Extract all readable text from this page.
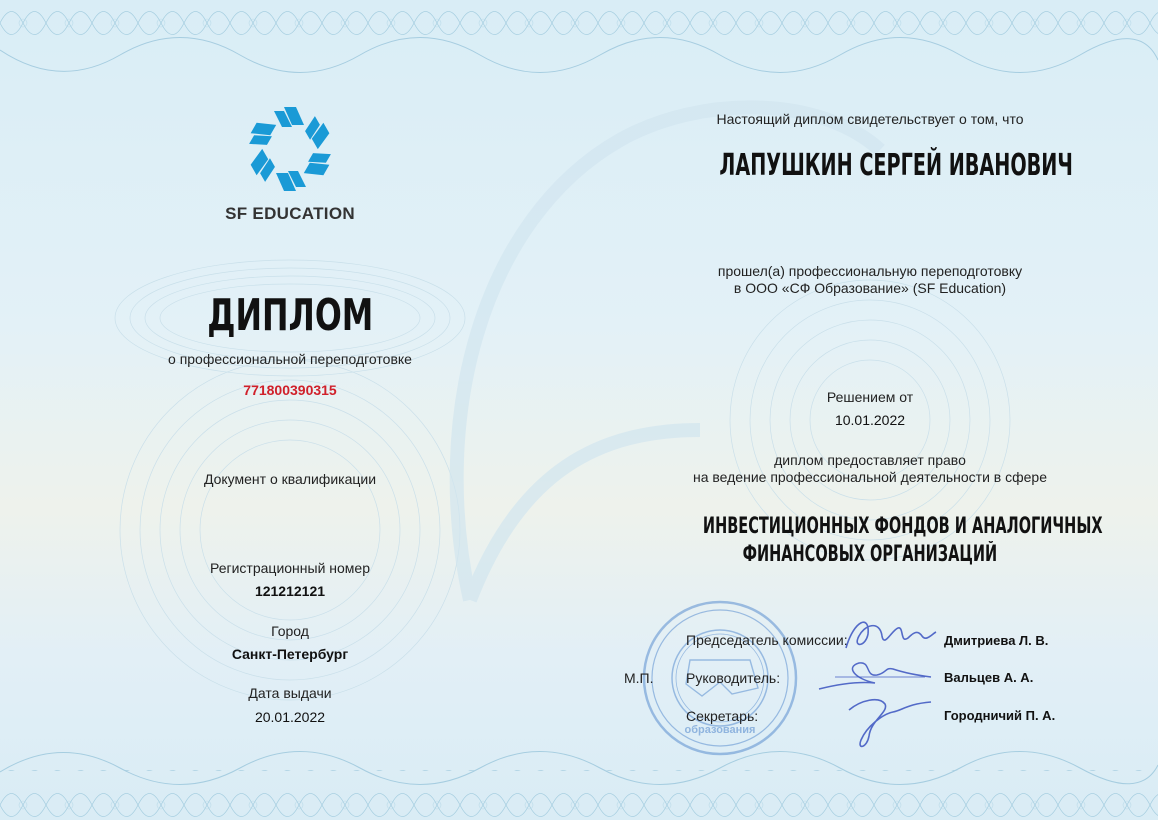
SF EDUCATION
ДИПЛОМ
о профессиональной переподготовке
771800390315
Документ о квалификации
Регистрационный номер
121212121
Город
Санкт-Петербург
Дата выдачи
20.01.2022
Настоящий диплом свидетельствует о том, что
ЛАПУШКИН СЕРГЕЙ ИВАНОВИЧ
прошел(а) профессиональную переподготовку
в ООО «СФ Образование» (SF Education)
Решением от
10.01.2022
диплом предоставляет право
на ведение профессиональной деятельности в сфере
ИНВЕСТИЦИОННЫХ ФОНДОВ И АНАЛОГИЧНЫХ
ФИНАНСОВЫХ ОРГАНИЗАЦИЙ
образования
М.П.
Председатель комиссии:	Дмитриева Л. В.
Руководитель:	Вальцев А. А.
Секретарь:	Городничий П. А.
